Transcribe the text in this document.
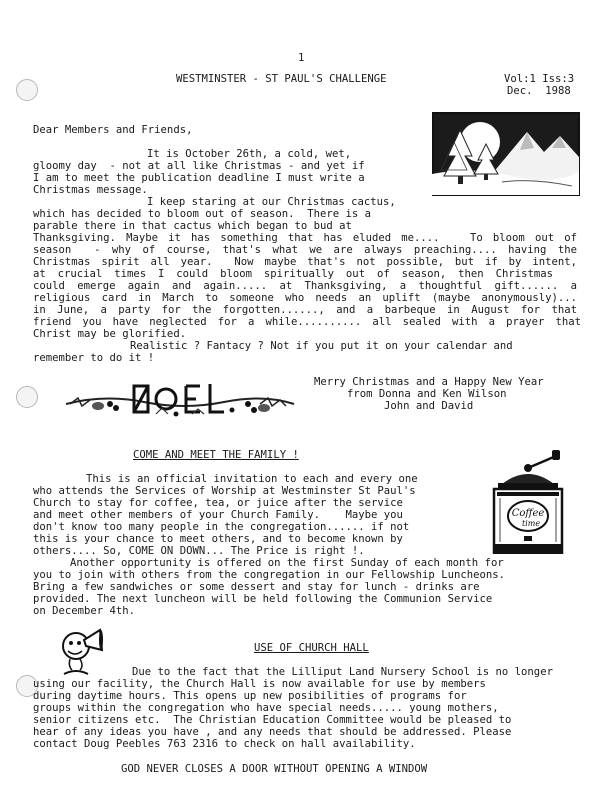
1
WESTMINSTER - ST PAUL'S CHALLENGE	Vol:1 Iss:3
Dec.  1988
Dear Members and Friends,
It is October 26th, a cold, wet,
gloomy day  - not at all like Christmas - and yet if
I am to meet the publication deadline I must write a
Christmas message.
I keep staring at our Christmas cactus,
which has decided to bloom out of season.  There is a
parable there in that cactus which began to bud at
Thanksgiving. Maybe it has something that has eluded me....   To bloom out of
season  - why of course, that's what we are always preaching.... having the
Christmas spirit all year.  Now maybe that's not possible, but if by intent,
at crucial times I could bloom spiritually out of season, then Christmas
could emerge again and again..... at Thanksgiving, a thoughtful gift...... a
religious card in March to someone who needs an uplift (maybe anonymously)...
in June, a party for the forgotten......, and a barbeque in August for that
friend you have neglected for a while.......... all sealed with a prayer that
Christ may be glorified.
Realistic ? Fantacy ? Not if you put it on your calendar and
remember to do it !
Merry Christmas and a Happy New Year
from Donna and Ken Wilson
John and David
COME AND MEET THE FAMILY !
This is an official invitation to each and every one
who attends the Services of Worship at Westminster St Paul's
Church to stay for coffee, tea, or juice after the service
and meet other members of your Church Family.    Maybe you
don't know too many people in the congregation...... if not
this is your chance to meet others, and to become known by
others.... So, COME ON DOWN... The Price is right !.
Another opportunity is offered on the first Sunday of each month for
you to join with others from the congregation in our Fellowship Luncheons.
Bring a few sandwiches or some dessert and stay for lunch - drinks are
provided. The next luncheon will be held following the Communion Service
on December 4th.
Coffee
time
USE OF CHURCH HALL
Due to the fact that the Lilliput Land Nursery School is no longer
using our facility, the Church Hall is now available for use by members
during daytime hours. This opens up new posibilities of programs for
groups within the congregation who have special needs..... young mothers,
senior citizens etc.  The Christian Education Committee would be pleased to
hear of any ideas you have , and any needs that should be addressed. Please
contact Doug Peebles 763 2316 to check on hall availability.
GOD NEVER CLOSES A DOOR WITHOUT OPENING A WINDOW
